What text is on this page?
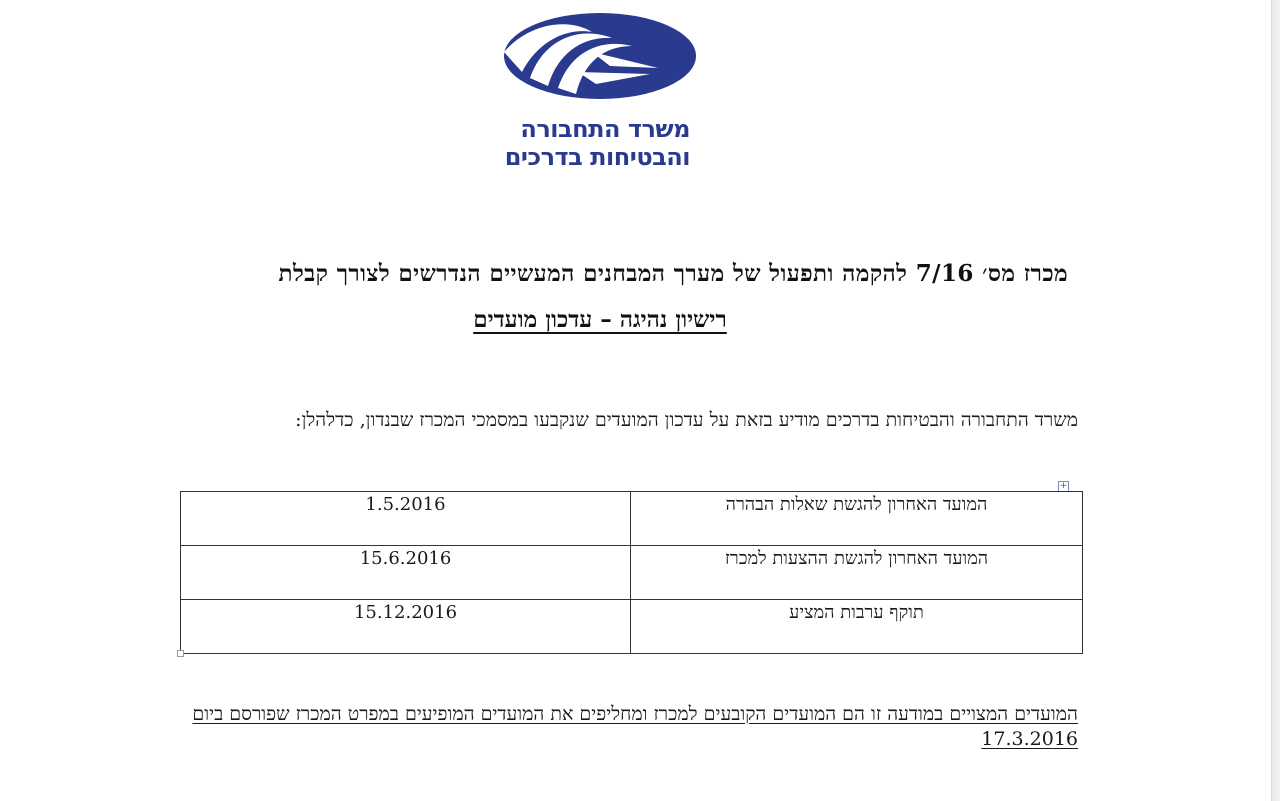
משרד התחבורה
והבטיחות בדרכים
מכרז מס׳ 7/16 להקמה ותפעול של מערך המבחנים המעשיים הנדרשים לצורך קבלת
רישיון נהיגה – עדכון מועדים
משרד התחבורה והבטיחות בדרכים מודיע בזאת על עדכון המועדים שנקבעו במסמכי המכרז שבנדון, כדלהלן:
+
1.5.2016	המועד האחרון להגשת שאלות הבהרה
15.6.2016	המועד האחרון להגשת ההצעות למכרז
15.12.2016	תוקף ערבות המציע
המועדים המצויים במודעה זו הם המועדים הקובעים למכרז ומחליפים את המועדים המופיעים במפרט המכרז שפורסם ביום 17.3.2016
